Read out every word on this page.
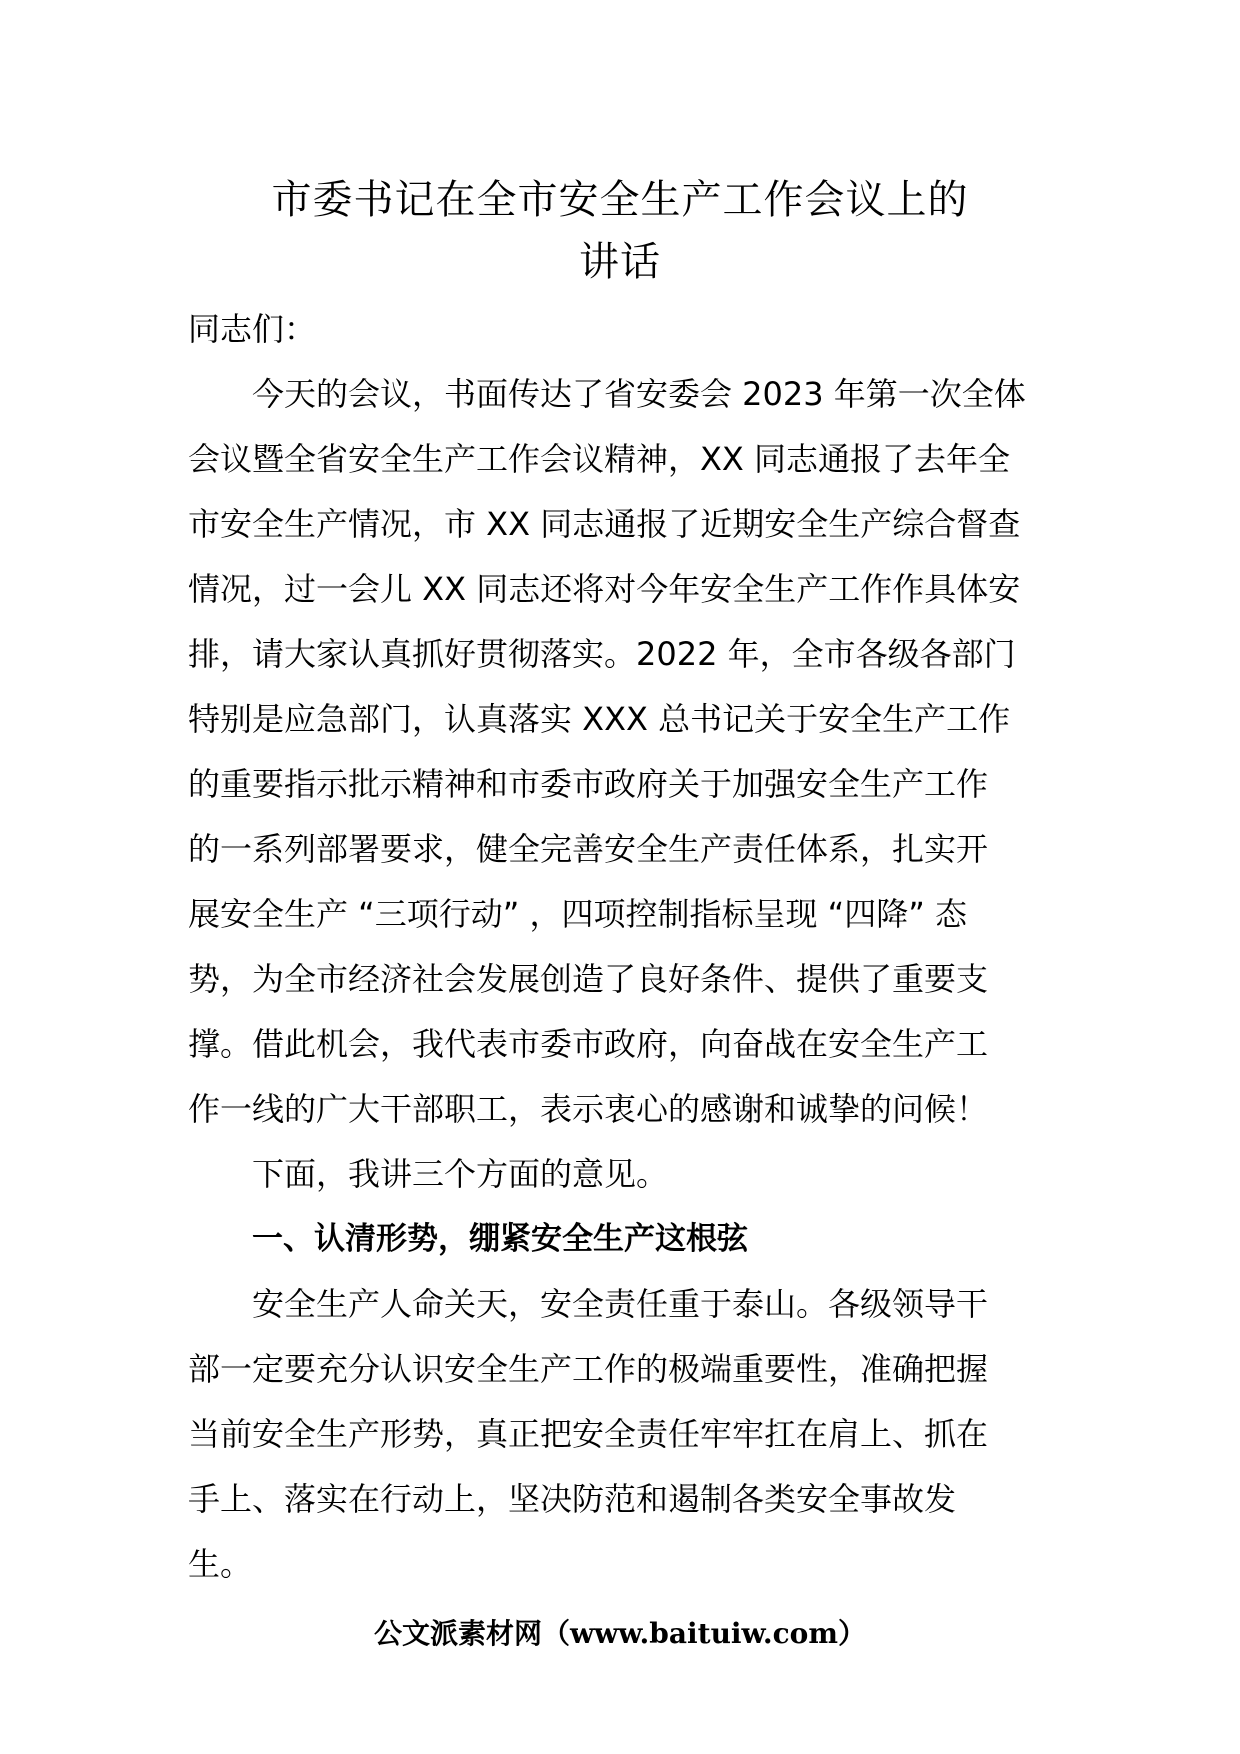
市委书记在全市安全生产工作会议上的
讲话
同志们：
今天的会议，书面传达了省安委会 2023 年第一次全体
会议暨全省安全生产工作会议精神，XX 同志通报了去年全
市安全生产情况，市 XX 同志通报了近期安全生产综合督查
情况，过一会儿 XX 同志还将对今年安全生产工作作具体安
排，请大家认真抓好贯彻落实。2022 年，全市各级各部门
特别是应急部门，认真落实 XXX 总书记关于安全生产工作
的重要指示批示精神和市委市政府关于加强安全生产工作
的一系列部署要求，健全完善安全生产责任体系，扎实开
展安全生产 “三项行动” ，四项控制指标呈现 “四降” 态
势，为全市经济社会发展创造了良好条件、提供了重要支
撑。借此机会，我代表市委市政府，向奋战在安全生产工
作一线的广大干部职工，表示衷心的感谢和诚挚的问候！
下面，我讲三个方面的意见。
一、认清形势，绷紧安全生产这根弦
安全生产人命关天，安全责任重于泰山。各级领导干
部一定要充分认识安全生产工作的极端重要性，准确把握
当前安全生产形势，真正把安全责任牢牢扛在肩上、抓在
手上、落实在行动上，坚决防范和遏制各类安全事故发
生。
公文派素材网（www.baituiw.com）
